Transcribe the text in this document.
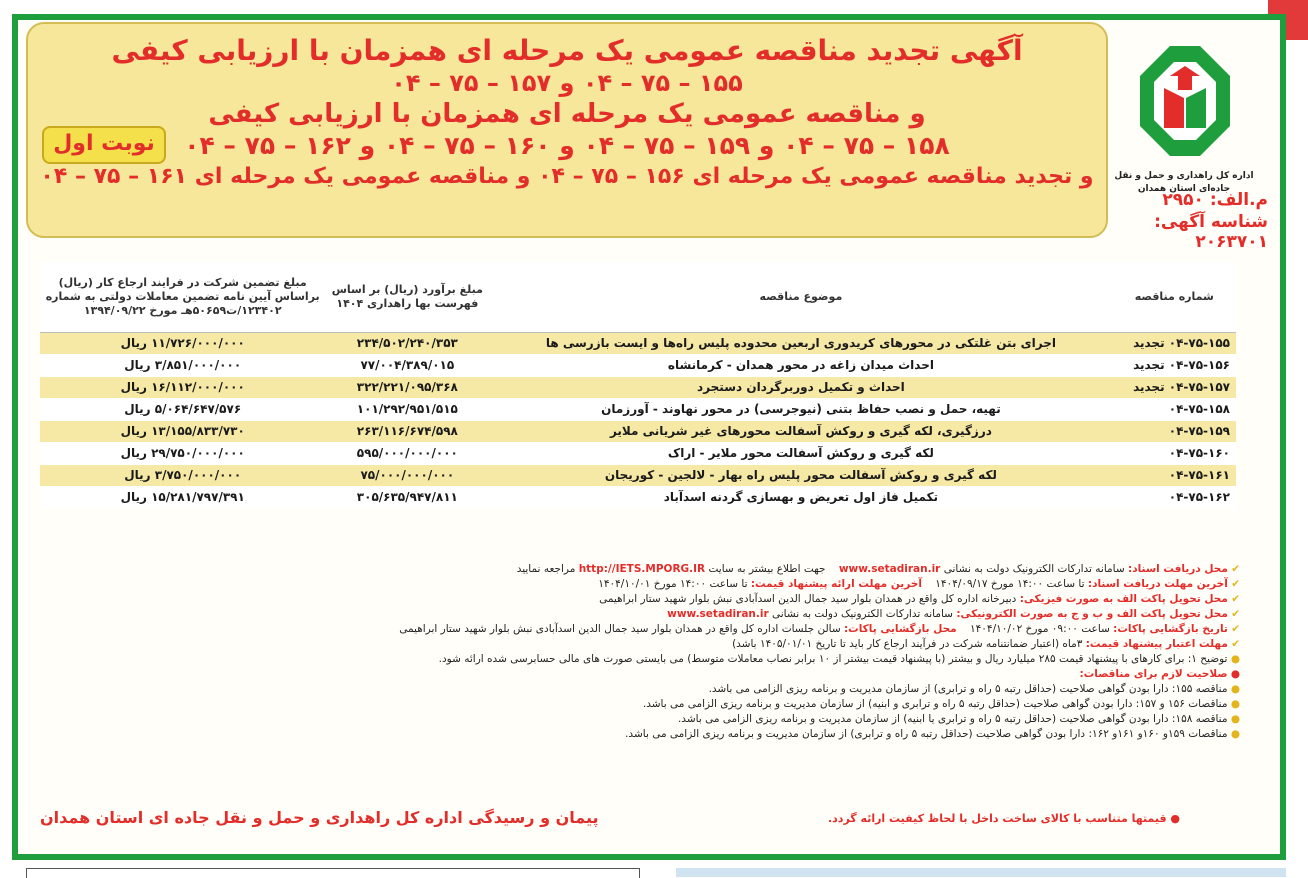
آگهی تجدید مناقصه عمومی یک مرحله ای همزمان با ارزیابی کیفی
۱۵۵ – ۷۵ – ۰۴ و ۱۵۷ – ۷۵ – ۰۴
و مناقصه عمومی یک مرحله ای همزمان با ارزیابی کیفی
۱۵۸ – ۷۵ – ۰۴ و ۱۵۹ – ۷۵ – ۰۴ و ۱۶۰ – ۷۵ – ۰۴ و ۱۶۲ – ۷۵ – ۰۴
و تجدید مناقصه عمومی یک مرحله ای ۱۵۶ – ۷۵ – ۰۴ و مناقصه عمومی یک مرحله ای ۱۶۱ – ۷۵ – ۰۴
نوبت اول
اداره کل راهداری و حمل و نقل جاده‌ای استان همدان
م.الف: ۲۹۵۰
شناسه آگهی: ۲۰۶۳۷۰۱
شماره مناقصه	موضوع مناقصه	مبلغ برآورد (ریال) بر اساس فهرست بها راهداری ۱۴۰۴	مبلغ تضمین شرکت در فرایند ارجاع کار (ریال) براساس آیین نامه تضمین معاملات دولتی به شماره ۱۲۳۴۰۲/ت۵۰۶۵۹هـ مورخ ۱۳۹۴/۰۹/۲۲
۰۴-۷۵-۱۵۵ تجدید	اجرای بتن غلتکی در محورهای کریدوری اربعین محدوده پلیس راه‌ها و ایست بازرسی ها	۲۳۴/۵۰۲/۲۴۰/۳۵۳	۱۱/۷۲۶/۰۰۰/۰۰۰ ریال
۰۴-۷۵-۱۵۶ تجدید	احداث میدان زاغه در محور همدان - کرمانشاه	۷۷/۰۰۴/۳۸۹/۰۱۵	۳/۸۵۱/۰۰۰/۰۰۰ ریال
۰۴-۷۵-۱۵۷ تجدید	احداث و تکمیل دوربرگردان دستجرد	۳۲۲/۲۲۱/۰۹۵/۳۶۸	۱۶/۱۱۲/۰۰۰/۰۰۰ ریال
۰۴-۷۵-۱۵۸	تهیه، حمل و نصب حفاظ بتنی (نیوجرسی) در محور نهاوند - آورزمان	۱۰۱/۲۹۲/۹۵۱/۵۱۵	۵/۰۶۴/۶۴۷/۵۷۶ ریال
۰۴-۷۵-۱۵۹	درزگیری، لکه گیری و روکش آسفالت محورهای غیر شریانی ملایر	۲۶۳/۱۱۶/۶۷۴/۵۹۸	۱۳/۱۵۵/۸۳۳/۷۳۰ ریال
۰۴-۷۵-۱۶۰	لکه گیری و روکش آسفالت محور ملایر - اراک	۵۹۵/۰۰۰/۰۰۰/۰۰۰	۲۹/۷۵۰/۰۰۰/۰۰۰ ریال
۰۴-۷۵-۱۶۱	لکه گیری و روکش آسفالت محور پلیس راه بهار - لالجین - کوریجان	۷۵/۰۰۰/۰۰۰/۰۰۰	۳/۷۵۰/۰۰۰/۰۰۰ ریال
۰۴-۷۵-۱۶۲	تکمیل فاز اول تعریض و بهسازی گردنه اسدآباد	۳۰۵/۶۳۵/۹۴۷/۸۱۱	۱۵/۲۸۱/۷۹۷/۳۹۱ ریال
✔ محل دریافت اسناد: سامانه تدارکات الکترونیک دولت به نشانی www.setadiran.ir    جهت اطلاع بیشتر به سایت http://IETS.MPORG.IR مراجعه نمایید
✔ آخرین مهلت دریافت اسناد: تا ساعت ۱۴:۰۰ مورخ ۱۴۰۴/۰۹/۱۷    آخرین مهلت ارائه پیشنهاد قیمت: تا ساعت ۱۴:۰۰ مورخ ۱۴۰۴/۱۰/۰۱
✔ محل تحویل پاکت الف به صورت فیزیکی: دبیرخانه اداره کل واقع در همدان بلوار سید جمال الدین اسدآبادی نبش بلوار شهید ستار ابراهیمی
✔ محل تحویل پاکت الف و ب و ج به صورت الکترونیکی: سامانه تدارکات الکترونیک دولت به نشانی www.setadiran.ir
✔ تاریخ بازگشایی پاکات: ساعت ۰۹:۰۰ مورخ ۱۴۰۴/۱۰/۰۲    محل بازگشایی پاکات: سالن جلسات اداره کل واقع در همدان بلوار سید جمال الدین اسدآبادی نبش بلوار شهید ستار ابراهیمی
✔ مهلت اعتبار پیشنهاد قیمت: ۳ماه (اعتبار ضمانتنامه شرکت در فرآیند ارجاع کار باید تا تاریخ ۱۴۰۵/۰۱/۰۱ باشد)
● توضیح ۱: برای کارهای با پیشنهاد قیمت ۲۸۵ میلیارد ریال و بیشتر (با پیشنهاد قیمت بیشتر از ۱۰ برابر نصاب معاملات متوسط) می بایستی صورت های مالی حسابرسی شده ارائه شود.
● صلاحیت لازم برای مناقصات:
● مناقصه ۱۵۵: دارا بودن گواهی صلاحیت (حداقل رتبه ۵ راه و ترابری) از سازمان مدیریت و برنامه ریزی الزامی می باشد.
● مناقصات ۱۵۶ و ۱۵۷: دارا بودن گواهی صلاحیت (حداقل رتبه ۵ راه و ترابری و ابنیه) از سازمان مدیریت و برنامه ریزی الزامی می باشد.
● مناقصه ۱۵۸: دارا بودن گواهی صلاحیت (حداقل رتبه ۵ راه و ترابری یا ابنیه) از سازمان مدیریت و برنامه ریزی الزامی می باشد.
● مناقصات ۱۵۹و ۱۶۰و ۱۶۱و ۱۶۲: دارا بودن گواهی صلاحیت (حداقل رتبه ۵ راه و ترابری) از سازمان مدیریت و برنامه ریزی الزامی می باشد.
● قیمتها متناسب با کالای ساخت داخل با لحاظ کیفیت ارائه گردد.
پیمان و رسیدگی اداره کل راهداری و حمل و نقل جاده ای استان همدان
